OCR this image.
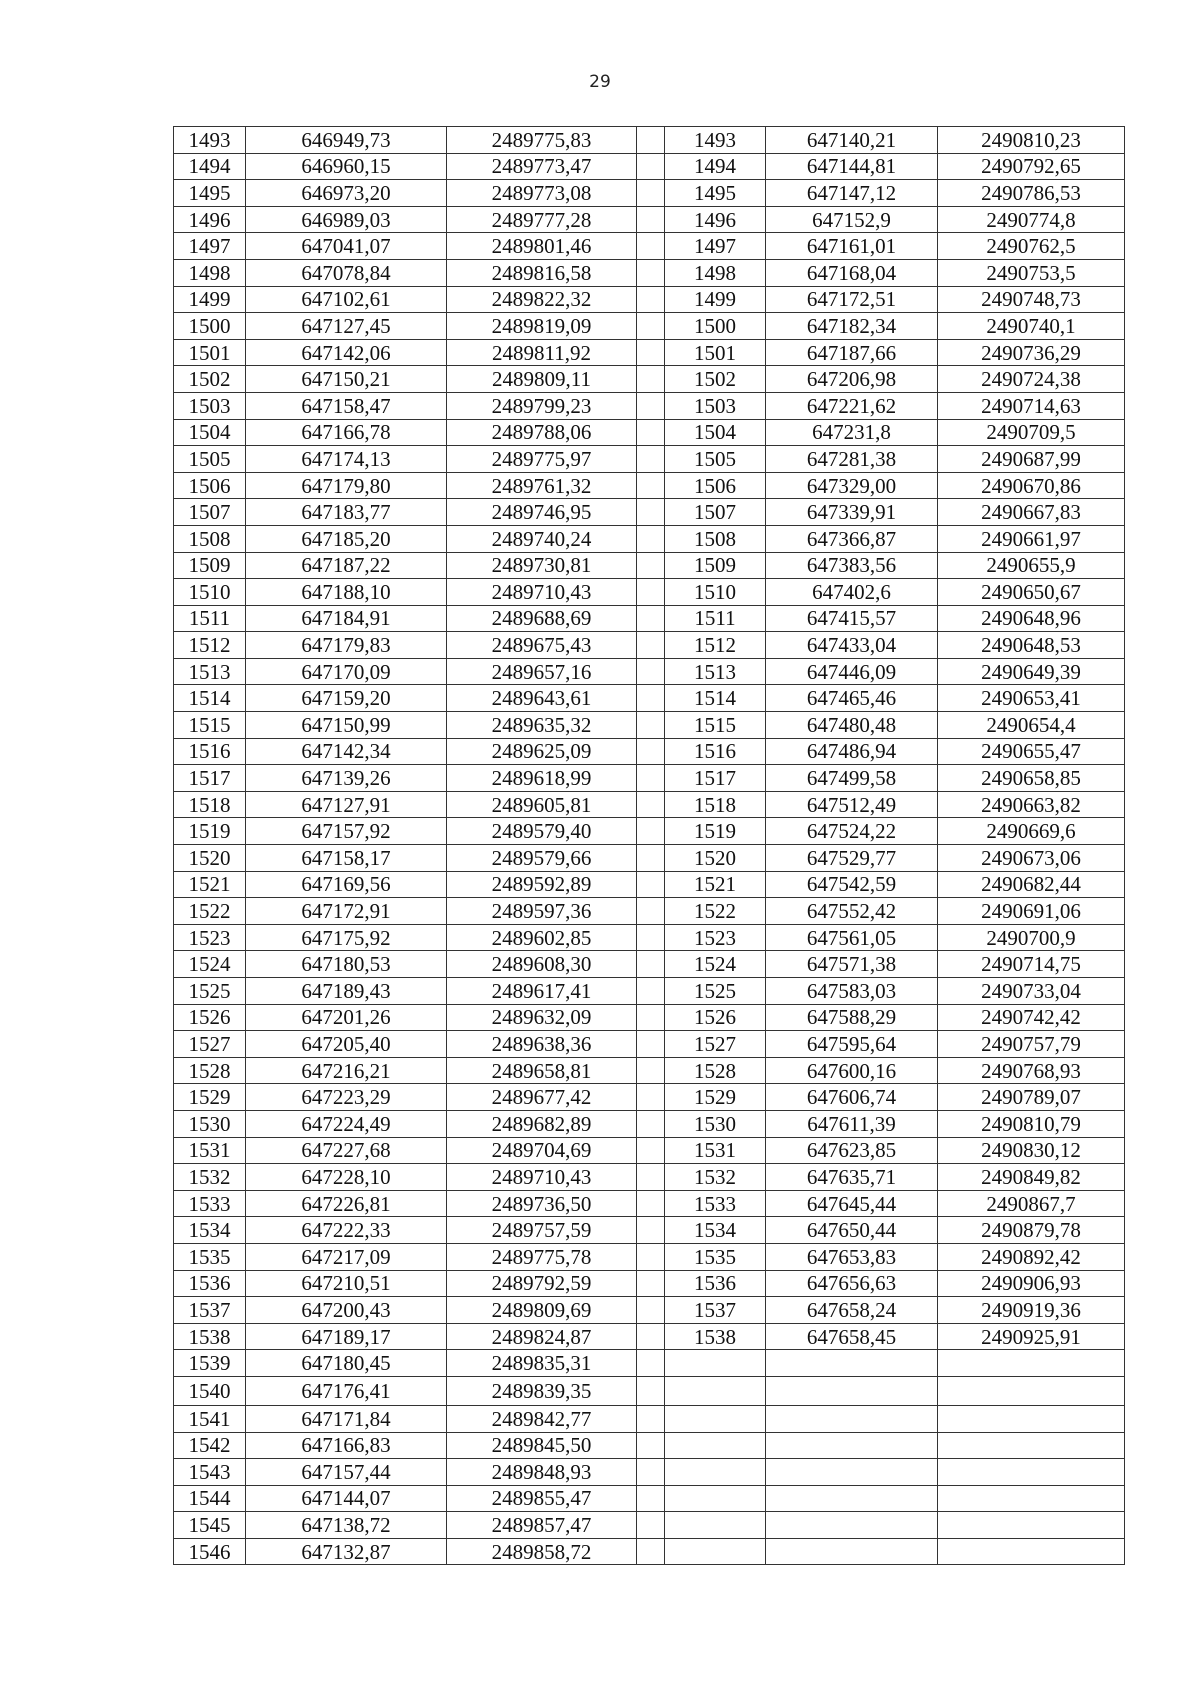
29
1493	646949,73	2489775,83		1493	647140,21	2490810,23
1494	646960,15	2489773,47		1494	647144,81	2490792,65
1495	646973,20	2489773,08		1495	647147,12	2490786,53
1496	646989,03	2489777,28		1496	647152,9	2490774,8
1497	647041,07	2489801,46		1497	647161,01	2490762,5
1498	647078,84	2489816,58		1498	647168,04	2490753,5
1499	647102,61	2489822,32		1499	647172,51	2490748,73
1500	647127,45	2489819,09		1500	647182,34	2490740,1
1501	647142,06	2489811,92		1501	647187,66	2490736,29
1502	647150,21	2489809,11		1502	647206,98	2490724,38
1503	647158,47	2489799,23		1503	647221,62	2490714,63
1504	647166,78	2489788,06		1504	647231,8	2490709,5
1505	647174,13	2489775,97		1505	647281,38	2490687,99
1506	647179,80	2489761,32		1506	647329,00	2490670,86
1507	647183,77	2489746,95		1507	647339,91	2490667,83
1508	647185,20	2489740,24		1508	647366,87	2490661,97
1509	647187,22	2489730,81		1509	647383,56	2490655,9
1510	647188,10	2489710,43		1510	647402,6	2490650,67
1511	647184,91	2489688,69		1511	647415,57	2490648,96
1512	647179,83	2489675,43		1512	647433,04	2490648,53
1513	647170,09	2489657,16		1513	647446,09	2490649,39
1514	647159,20	2489643,61		1514	647465,46	2490653,41
1515	647150,99	2489635,32		1515	647480,48	2490654,4
1516	647142,34	2489625,09		1516	647486,94	2490655,47
1517	647139,26	2489618,99		1517	647499,58	2490658,85
1518	647127,91	2489605,81		1518	647512,49	2490663,82
1519	647157,92	2489579,40		1519	647524,22	2490669,6
1520	647158,17	2489579,66		1520	647529,77	2490673,06
1521	647169,56	2489592,89		1521	647542,59	2490682,44
1522	647172,91	2489597,36		1522	647552,42	2490691,06
1523	647175,92	2489602,85		1523	647561,05	2490700,9
1524	647180,53	2489608,30		1524	647571,38	2490714,75
1525	647189,43	2489617,41		1525	647583,03	2490733,04
1526	647201,26	2489632,09		1526	647588,29	2490742,42
1527	647205,40	2489638,36		1527	647595,64	2490757,79
1528	647216,21	2489658,81		1528	647600,16	2490768,93
1529	647223,29	2489677,42		1529	647606,74	2490789,07
1530	647224,49	2489682,89		1530	647611,39	2490810,79
1531	647227,68	2489704,69		1531	647623,85	2490830,12
1532	647228,10	2489710,43		1532	647635,71	2490849,82
1533	647226,81	2489736,50		1533	647645,44	2490867,7
1534	647222,33	2489757,59		1534	647650,44	2490879,78
1535	647217,09	2489775,78		1535	647653,83	2490892,42
1536	647210,51	2489792,59		1536	647656,63	2490906,93
1537	647200,43	2489809,69		1537	647658,24	2490919,36
1538	647189,17	2489824,87		1538	647658,45	2490925,91
1539	647180,45	2489835,31				
1540	647176,41	2489839,35				
1541	647171,84	2489842,77				
1542	647166,83	2489845,50				
1543	647157,44	2489848,93				
1544	647144,07	2489855,47				
1545	647138,72	2489857,47				
1546	647132,87	2489858,72				
